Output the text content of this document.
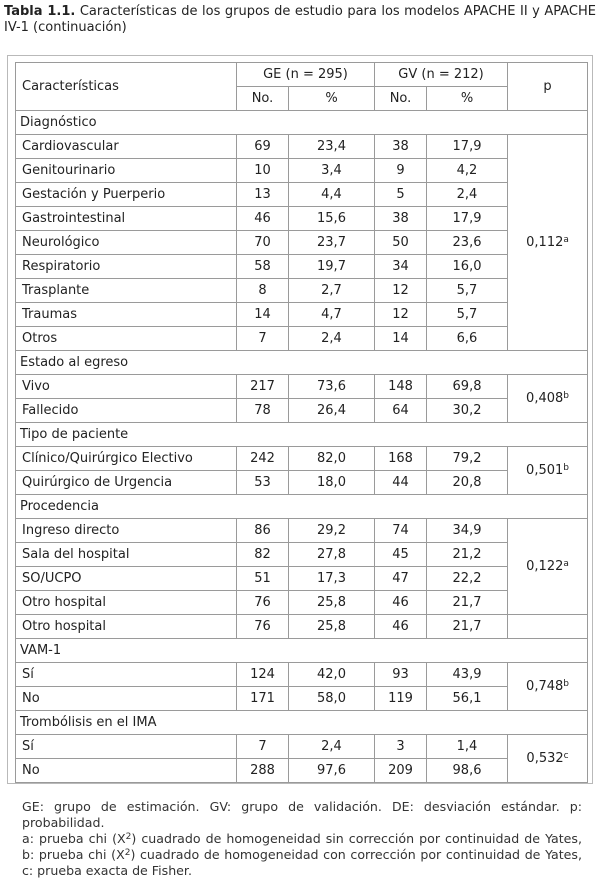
Tabla 1.1. Características de los grupos de estudio para los modelos APACHE II y APACHE IV-1 (continuación)
Características	GE (n = 295)		GV (n = 212)		p
	No.	%	No.	%	
Diagnóstico					
Cardiovascular	69	23,4	38	17,9	0,112$^a$
Genitourinario	10	3,4	9	4,2	
Gestación y Puerperio	13	4,4	5	2,4	
Gastrointestinal	46	15,6	38	17,9	
Neurológico	70	23,7	50	23,6	
Respiratorio	58	19,7	34	16,0	
Trasplante	8	2,7	12	5,7	
Traumas	14	4,7	12	5,7	
Otros	7	2,4	14	6,6	
Estado al egreso					
Vivo	217	73,6	148	69,8	0,408$^b$
Fallecido	78	26,4	64	30,2	
Tipo de paciente					
Clínico/Quirúrgico Electivo	242	82,0	168	79,2	0,501$^b$
Quirúrgico de Urgencia	53	18,0	44	20,8	
Procedencia					
Ingreso directo	86	29,2	74	34,9	0,122$^a$
Sala del hospital	82	27,8	45	21,2	
SO/UCPO	51	17,3	47	22,2	
Otro hospital	76	25,8	46	21,7	
Otro hospital	76	25,8	46	21,7	
VAM-1					
Sí	124	42,0	93	43,9	0,748$^b$
No	171	58,0	119	56,1	
Trombólisis en el IMA					
Sí	7	2,4	3	1,4	0,532$^c$
No	288	97,6	209	98,6	

GE: grupo de estimación. GV: grupo de validación. DE: desviación estándar. p: probabilidad.

a: prueba chi $(X^2)$ cuadrado de homogeneidad sin corrección por continuidad de Yates, b: prueba chi $(X^2)$ cuadrado de homogeneidad con corrección por continuidad de Yates, c: prueba exacta de Fisher.
